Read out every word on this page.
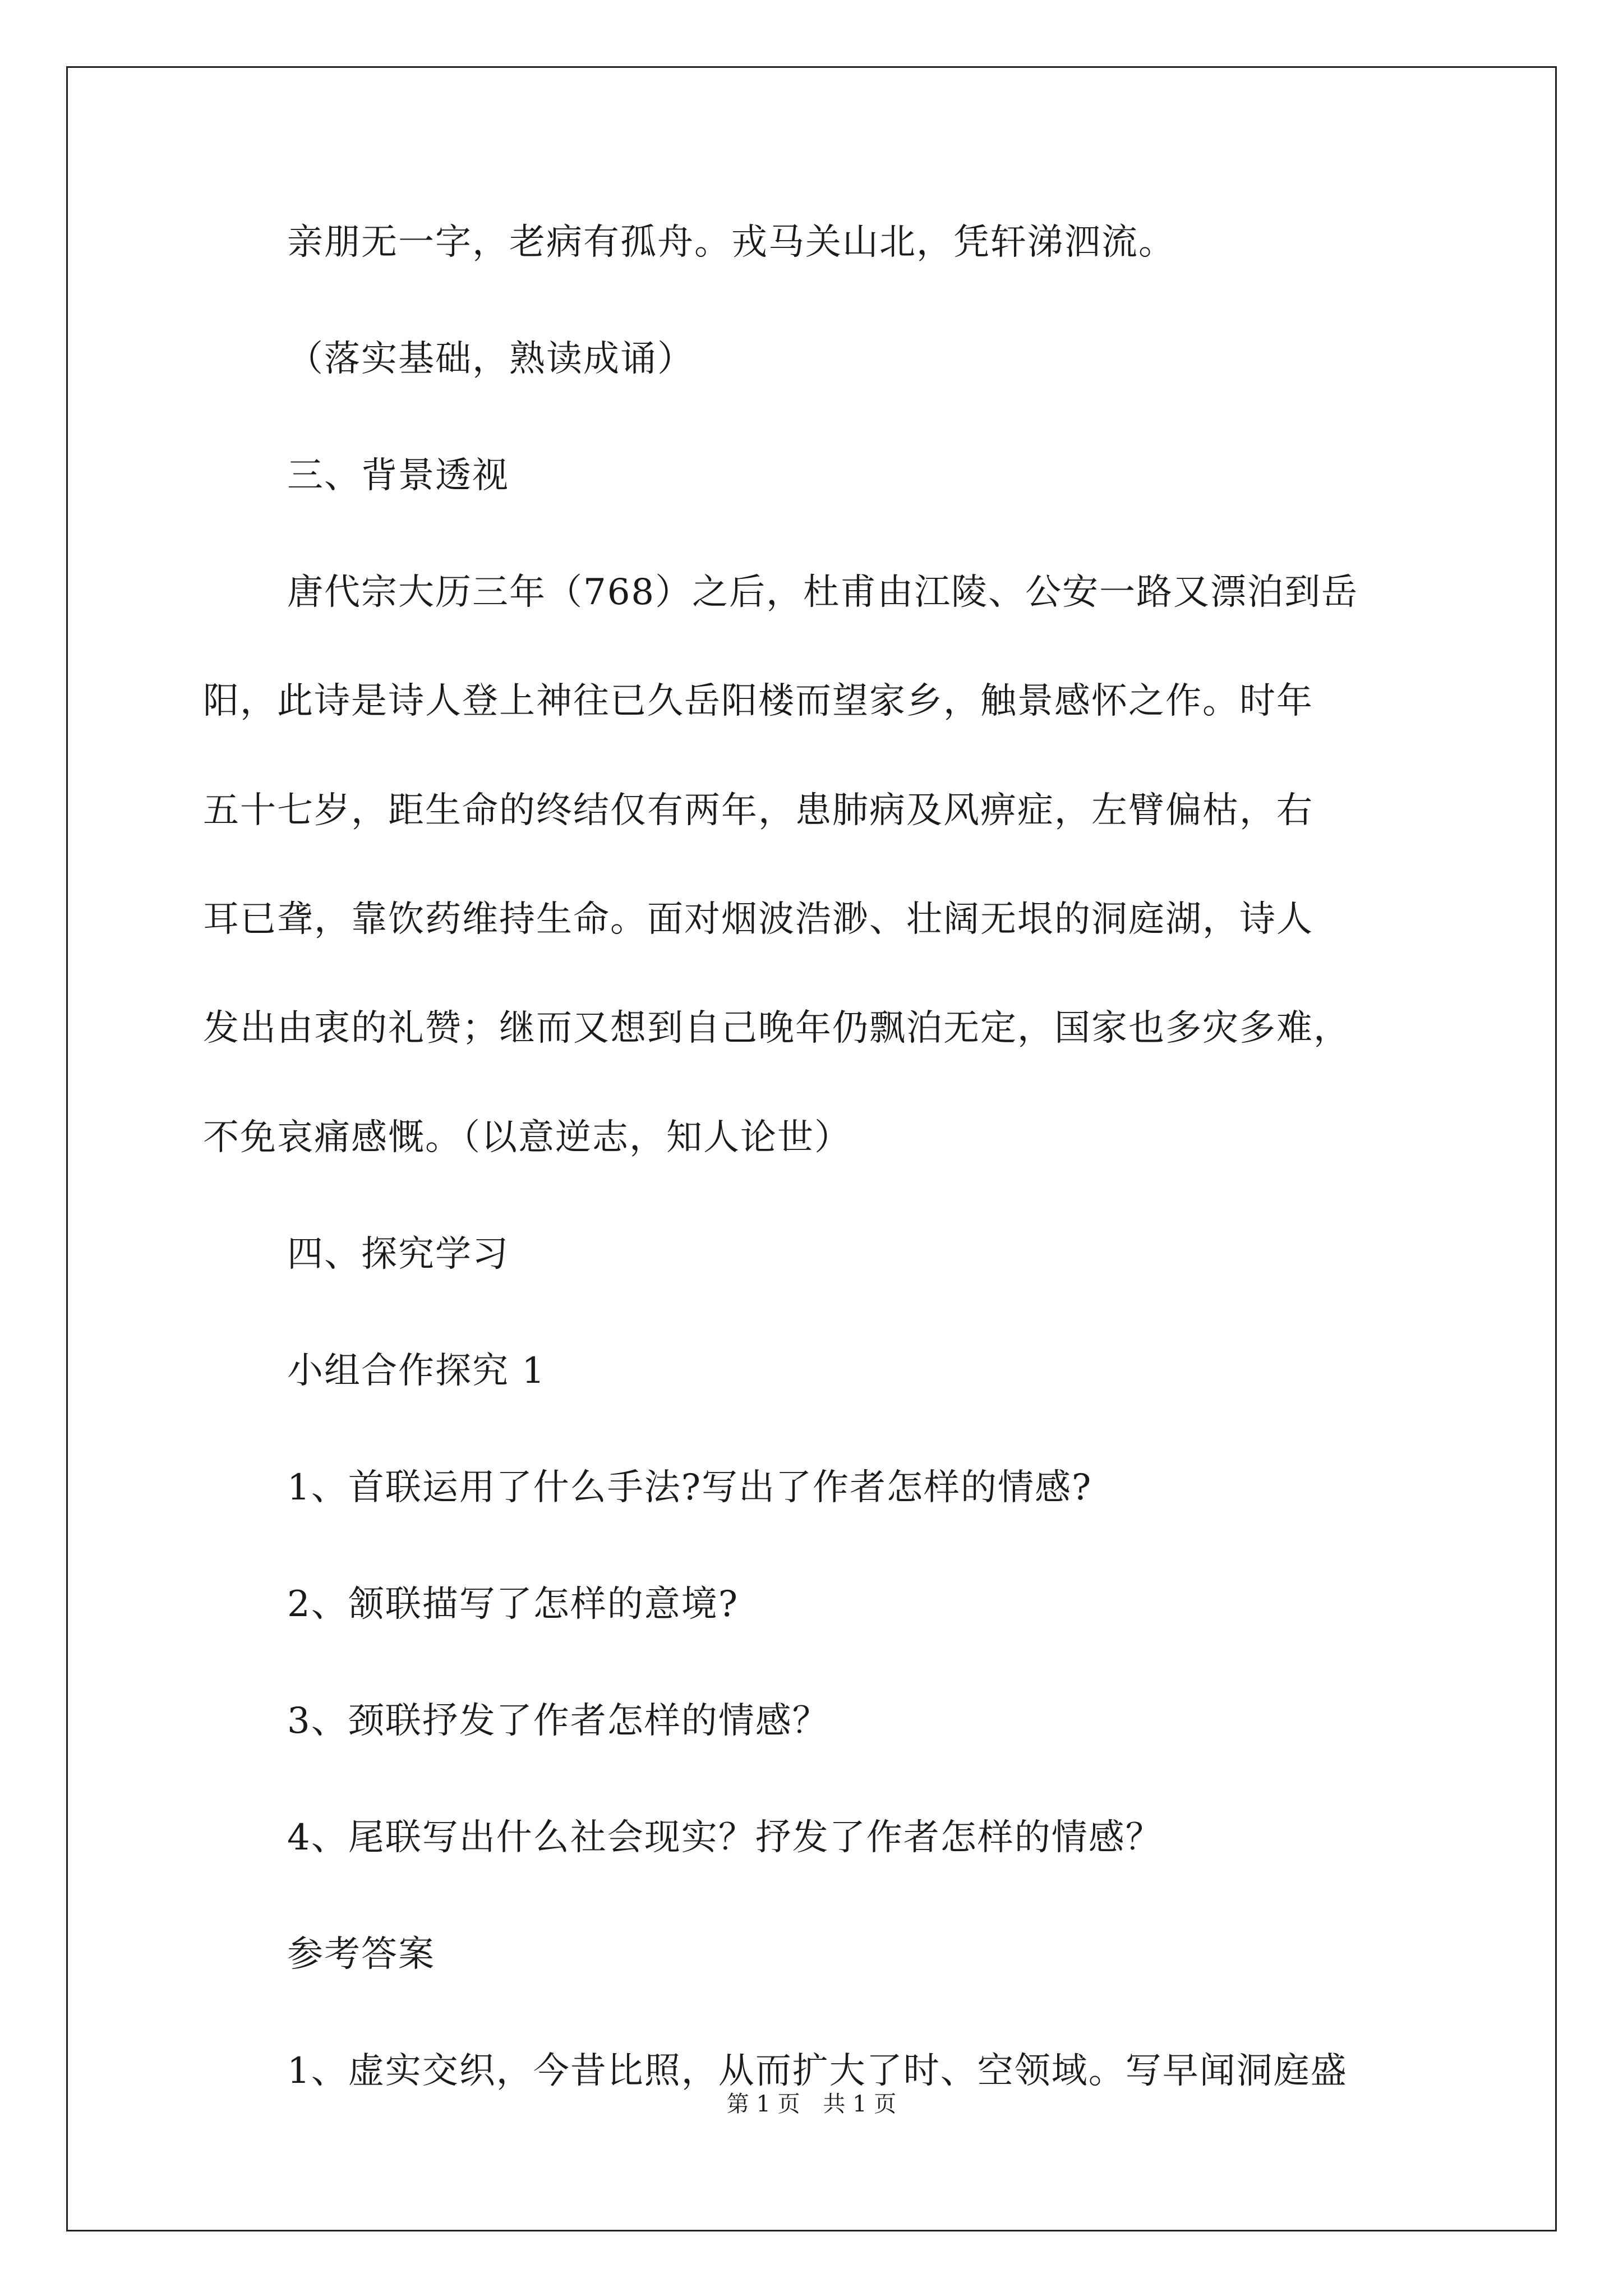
亲朋无一字，老病有孤舟。戎马关山北，凭轩涕泗流。
（落实基础，熟读成诵）
三、背景透视
唐代宗大历三年（768）之后，杜甫由江陵、公安一路又漂泊到岳
阳，此诗是诗人登上神往已久岳阳楼而望家乡，触景感怀之作。时年
五十七岁，距生命的终结仅有两年，患肺病及风痹症，左臂偏枯，右
耳已聋，靠饮药维持生命。面对烟波浩渺、壮阔无垠的洞庭湖，诗人
发出由衷的礼赞；继而又想到自己晚年仍飘泊无定，国家也多灾多难，
不免哀痛感慨。（以意逆志，知人论世）
四、探究学习
小组合作探究 1
1、首联运用了什么手法?写出了作者怎样的情感?
2、颔联描写了怎样的意境?
3、颈联抒发了作者怎样的情感？
4、尾联写出什么社会现实？抒发了作者怎样的情感？
参考答案
1、虚实交织，今昔比照，从而扩大了时、空领域。写早闻洞庭盛
第 1 页 共 1 页
